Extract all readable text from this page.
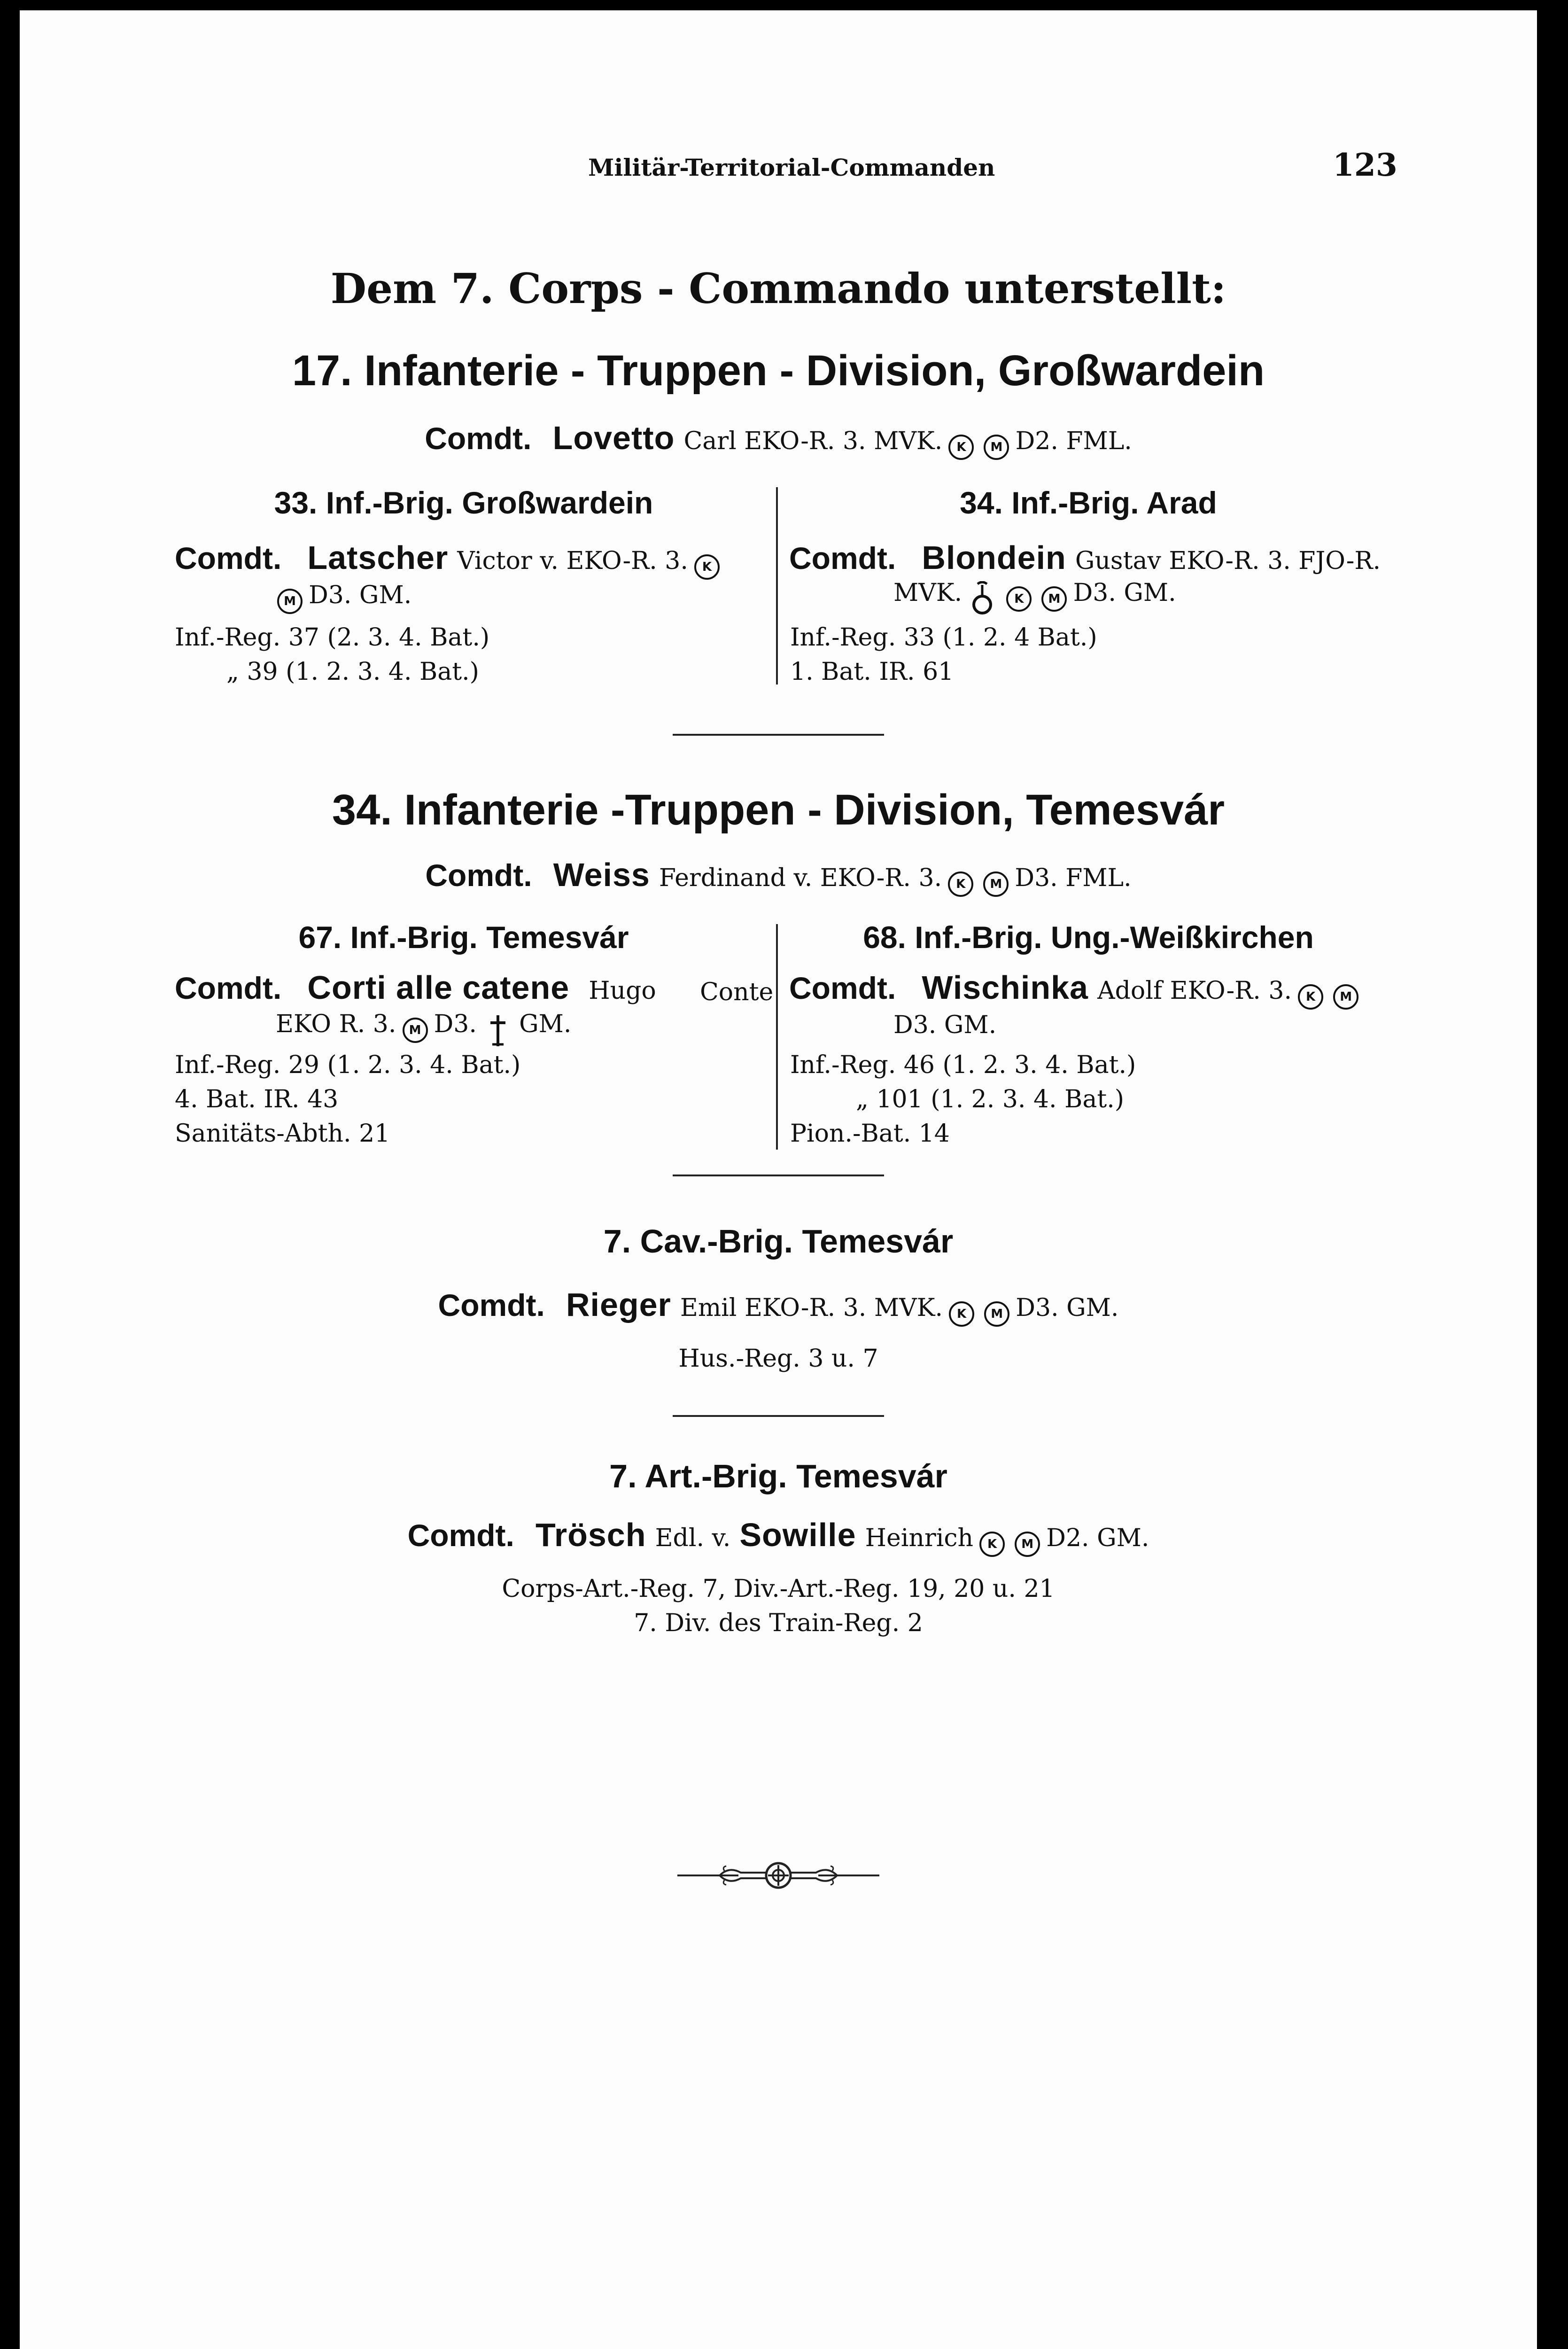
Militär-Territorial-Commanden	123
Dem 7. Corps - Commando unterstellt:
17. Infanterie - Truppen - Division, Großwardein
Comdt. Lovetto Carl EKO-R. 3. MVK. K M D2. FML.
33. Inf.-Brig. Großwardein
Comdt. Latscher Victor v. EKO-R. 3. K
M D3. GM.
Inf.-Reg. 37 (2. 3. 4. Bat.)
„ 39 (1. 2. 3. 4. Bat.)
34. Inf.-Brig. Arad
Comdt. Blondein Gustav EKO-R. 3. FJO-R.
MVK.	K M D3. GM.
Inf.-Reg. 33 (1. 2. 4 Bat.)
1. Bat. IR. 61
34. Infanterie -Truppen - Division, Temesvár
Comdt. Weiss Ferdinand v. EKO-R. 3. K M D3. FML.
67. Inf.-Brig. Temesvár
Comdt. Corti alle catene Hugo Conte
EKO R. 3. M D3. GM.
Inf.-Reg. 29 (1. 2. 3. 4. Bat.)
4. Bat. IR. 43
Sanitäts-Abth. 21
68. Inf.-Brig. Ung.-Weißkirchen
Comdt. Wischinka Adolf EKO-R. 3. K M
D3. GM.
Inf.-Reg. 46 (1. 2. 3. 4. Bat.)
„ 101 (1. 2. 3. 4. Bat.)
Pion.-Bat. 14
7. Cav.-Brig. Temesvár
Comdt. Rieger Emil EKO-R. 3. MVK. K M D3. GM.
Hus.-Reg. 3 u. 7
7. Art.-Brig. Temesvár
Comdt. Trösch Edl. v. Sowille Heinrich K M D2. GM.
Corps-Art.-Reg. 7, Div.-Art.-Reg. 19, 20 u. 21
7. Div. des Train-Reg. 2
